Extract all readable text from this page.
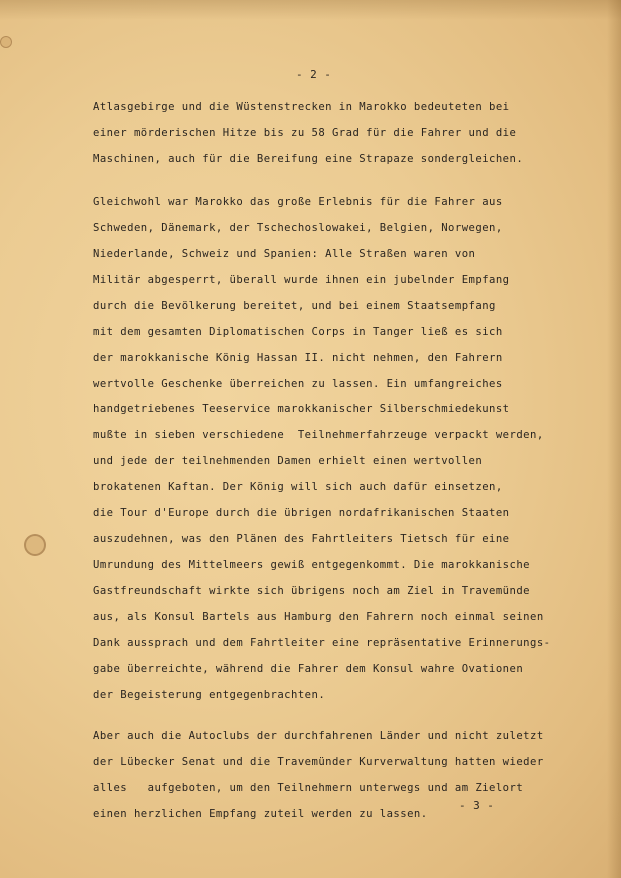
- 2 -
Atlasgebirge und die Wüstenstrecken in Marokko bedeuteten bei
einer mörderischen Hitze bis zu 58 Grad für die Fahrer und die
Maschinen, auch für die Bereifung eine Strapaze sondergleichen.
Gleichwohl war Marokko das große Erlebnis für die Fahrer aus
Schweden, Dänemark, der Tschechoslowakei, Belgien, Norwegen,
Niederlande, Schweiz und Spanien: Alle Straßen waren von
Militär abgesperrt, überall wurde ihnen ein jubelnder Empfang
durch die Bevölkerung bereitet, und bei einem Staatsempfang
mit dem gesamten Diplomatischen Corps in Tanger ließ es sich
der marokkanische König Hassan II. nicht nehmen, den Fahrern
wertvolle Geschenke überreichen zu lassen. Ein umfangreiches
handgetriebenes Teeservice marokkanischer Silberschmiedekunst
mußte in sieben verschiedene  Teilnehmerfahrzeuge verpackt werden,
und jede der teilnehmenden Damen erhielt einen wertvollen
brokatenen Kaftan. Der König will sich auch dafür einsetzen,
die Tour d'Europe durch die übrigen nordafrikanischen Staaten
auszudehnen, was den Plänen des Fahrtleiters Tietsch für eine
Umrundung des Mittelmeers gewiß entgegenkommt. Die marokkanische
Gastfreundschaft wirkte sich übrigens noch am Ziel in Travemünde
aus, als Konsul Bartels aus Hamburg den Fahrern noch einmal seinen
Dank aussprach und dem Fahrtleiter eine repräsentative Erinnerungs-
gabe überreichte, während die Fahrer dem Konsul wahre Ovationen
der Begeisterung entgegenbrachten.
Aber auch die Autoclubs der durchfahrenen Länder und nicht zuletzt
der Lübecker Senat und die Travemünder Kurverwaltung hatten wieder
alles   aufgeboten, um den Teilnehmern unterwegs und am Zielort
einen herzlichen Empfang zuteil werden zu lassen.
- 3 -
